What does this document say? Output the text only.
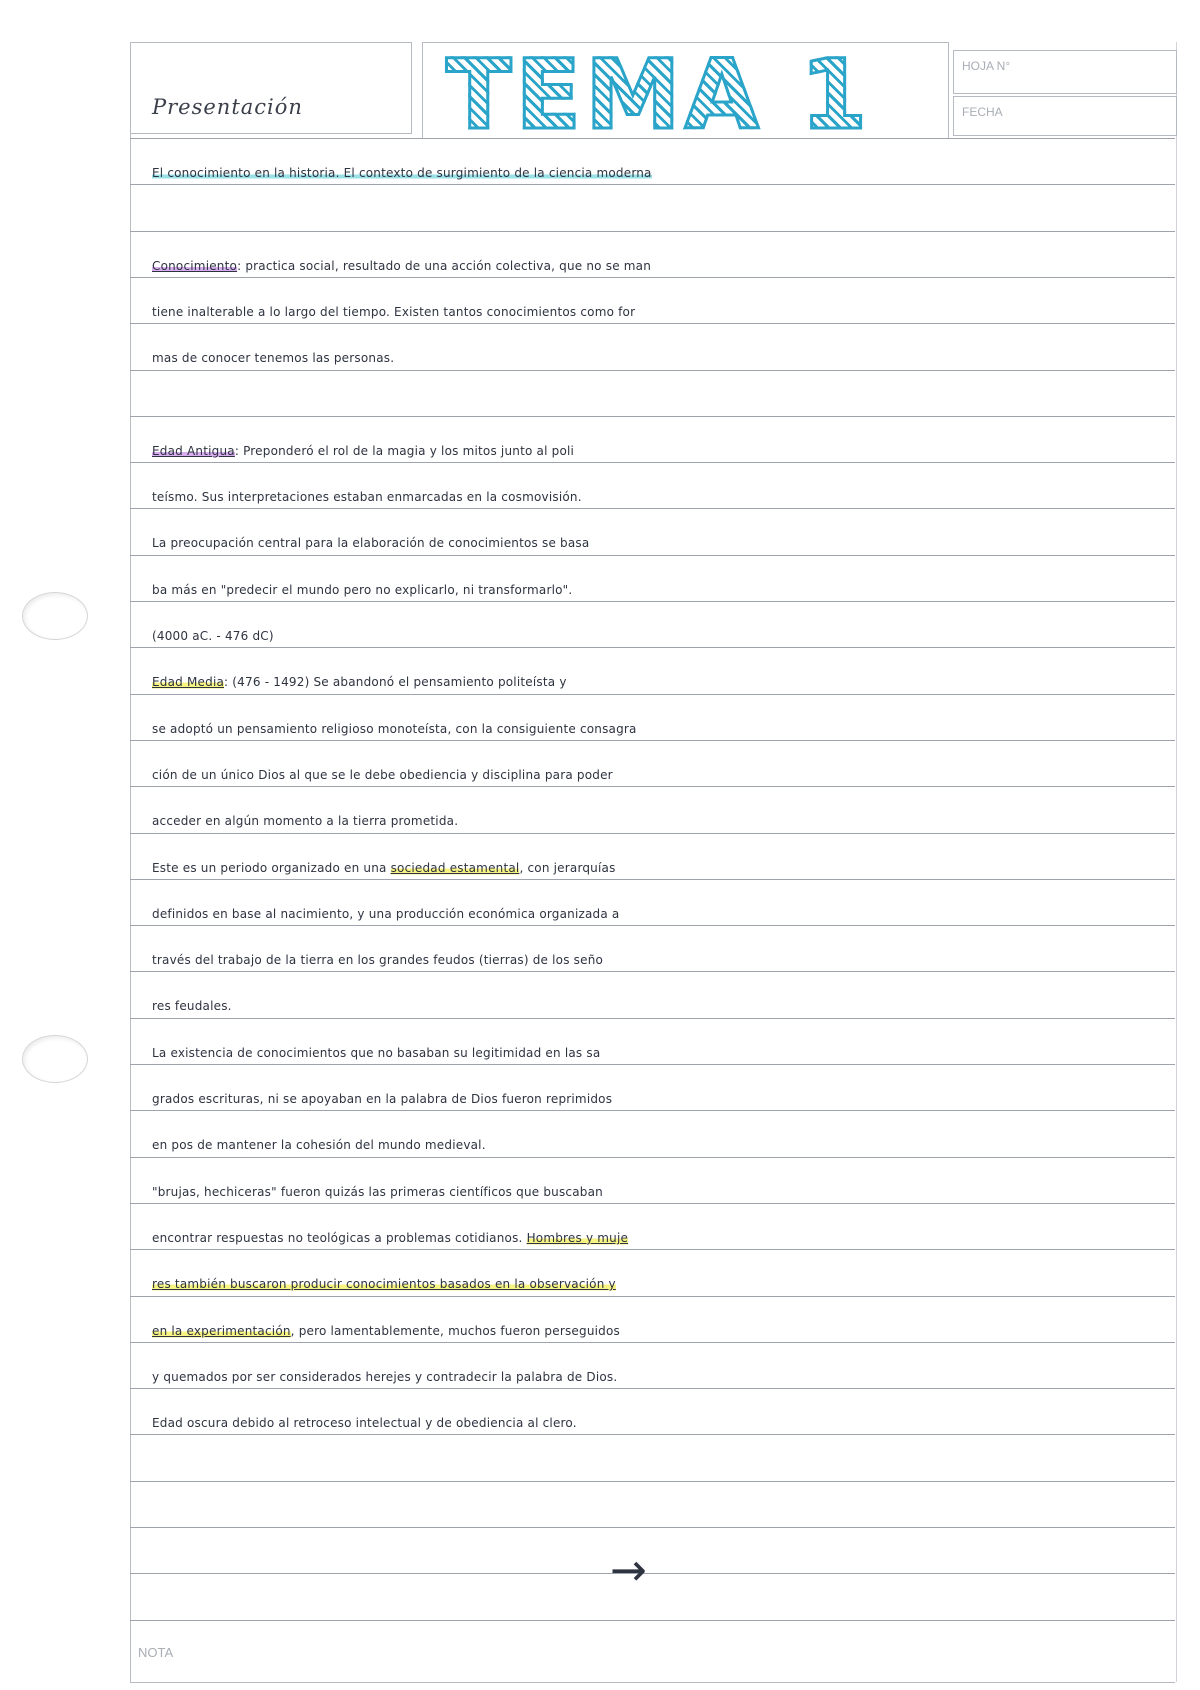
HOJA N°
FECHA
Presentación TEMA 1
El conocimiento en la historia. El contexto de surgimiento de la ciencia moderna
Conocimiento: practica social, resultado de una acción colectiva, que no se man
tiene inalterable a lo largo del tiempo. Existen tantos conocimientos como for
mas de conocer tenemos las personas.
Edad Antigua: Preponderó el rol de la magia y los mitos junto al poli
teísmo. Sus interpretaciones estaban enmarcadas en la cosmovisión.
La preocupación central para la elaboración de conocimientos se basa
ba más en "predecir el mundo pero no explicarlo, ni transformarlo".
(4000 aC. - 476 dC)
Edad Media: (476 - 1492) Se abandonó el pensamiento politeísta y
se adoptó un pensamiento religioso monoteísta, con la consiguiente consagra
ción de un único Dios al que se le debe obediencia y disciplina para poder
acceder en algún momento a la tierra prometida.
Este es un periodo organizado en una sociedad estamental, con jerarquías
definidos en base al nacimiento, y una producción económica organizada a
través del trabajo de la tierra en los grandes feudos (tierras) de los seño
res feudales.
La existencia de conocimientos que no basaban su legitimidad en las sa
grados escrituras, ni se apoyaban en la palabra de Dios fueron reprimidos
en pos de mantener la cohesión del mundo medieval.
"brujas, hechiceras" fueron quizás las primeras científicos que buscaban
encontrar respuestas no teológicas a problemas cotidianos. Hombres y muje
res también buscaron producir conocimientos basados en la observación y
en la experimentación, pero lamentablemente, muchos fueron perseguidos
y quemados por ser considerados herejes y contradecir la palabra de Dios.
Edad oscura debido al retroceso intelectual y de obediencia al clero.
→
NOTA
